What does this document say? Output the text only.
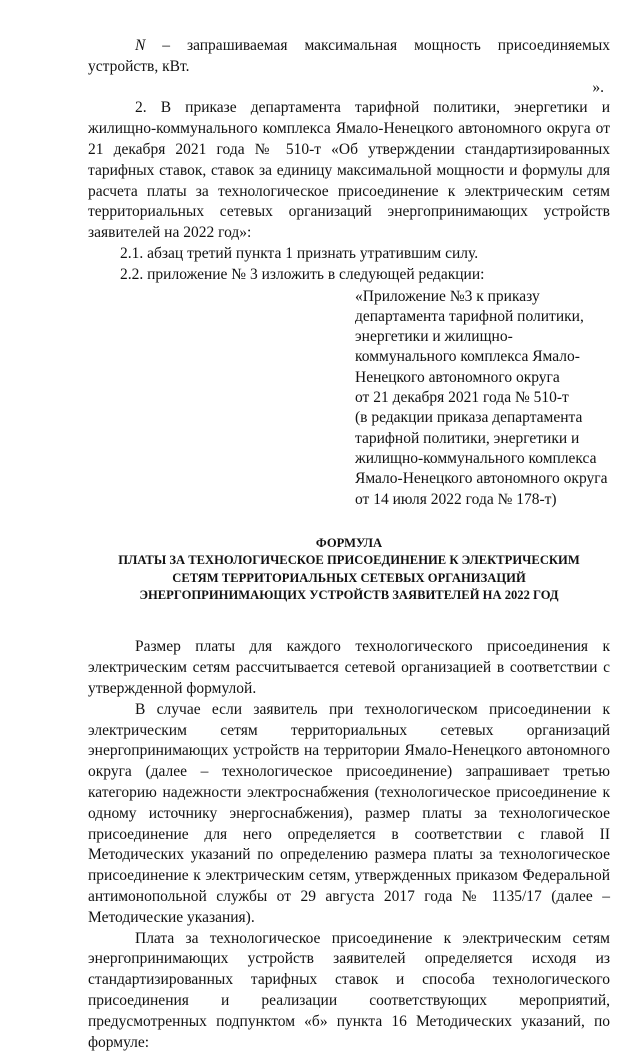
N – запрашиваемая максимальная мощность присоединяемых устройств, кВт.

».

2. В приказе департамента тарифной политики, энергетики и жилищно-коммунального комплекса Ямало-Ненецкого автономного округа от 21 декабря 2021 года № 510-т «Об утверждении стандартизированных тарифных ставок, ставок за единицу максимальной мощности и формулы для расчета платы за технологическое присоединение к электрическим сетям территориальных сетевых организаций энергопринимающих устройств заявителей на 2022 год»:

2.1. абзац третий пункта 1 признать утратившим силу.

2.2. приложение № 3 изложить в следующей редакции:

«Приложение №3 к приказу
департамента тарифной политики,
энергетики и жилищно-
коммунального комплекса Ямало-
Ненецкого автономного округа
от 21 декабря 2021 года № 510-т
(в редакции приказа департамента
тарифной политики, энергетики и
жилищно-коммунального комплекса
Ямало-Ненецкого автономного округа
от 14 июля 2022 года № 178-т)
ФОРМУЛА
ПЛАТЫ ЗА ТЕХНОЛОГИЧЕСКОЕ ПРИСОЕДИНЕНИЕ К ЭЛЕКТРИЧЕСКИМ
СЕТЯМ ТЕРРИТОРИАЛЬНЫХ СЕТЕВЫХ ОРГАНИЗАЦИЙ
ЭНЕРГОПРИНИМАЮЩИХ УСТРОЙСТВ ЗАЯВИТЕЛЕЙ НА 2022 ГОД

Размер платы для каждого технологического присоединения к электрическим сетям рассчитывается сетевой организацией в соответствии с утвержденной формулой.

В случае если заявитель при технологическом присоединении к электрическим сетям территориальных сетевых организаций энергопринимающих устройств на территории Ямало-Ненецкого автономного округа (далее – технологическое присоединение) запрашивает третью категорию надежности электроснабжения (технологическое присоединение к одному источнику энергоснабжения), размер платы за технологическое присоединение для него определяется в соответствии с главой II Методических указаний по определению размера платы за технологическое присоединение к электрическим сетям, утвержденных приказом Федеральной антимонопольной службы от 29 августа 2017 года № 1135/17 (далее – Методические указания).

Плата за технологическое присоединение к электрическим сетям энергопринимающих устройств заявителей определяется исходя из стандартизированных тарифных ставок и способа технологического присоединения и реализации соответствующих мероприятий, предусмотренных подпунктом «б» пункта 16 Методических указаний, по формуле:
